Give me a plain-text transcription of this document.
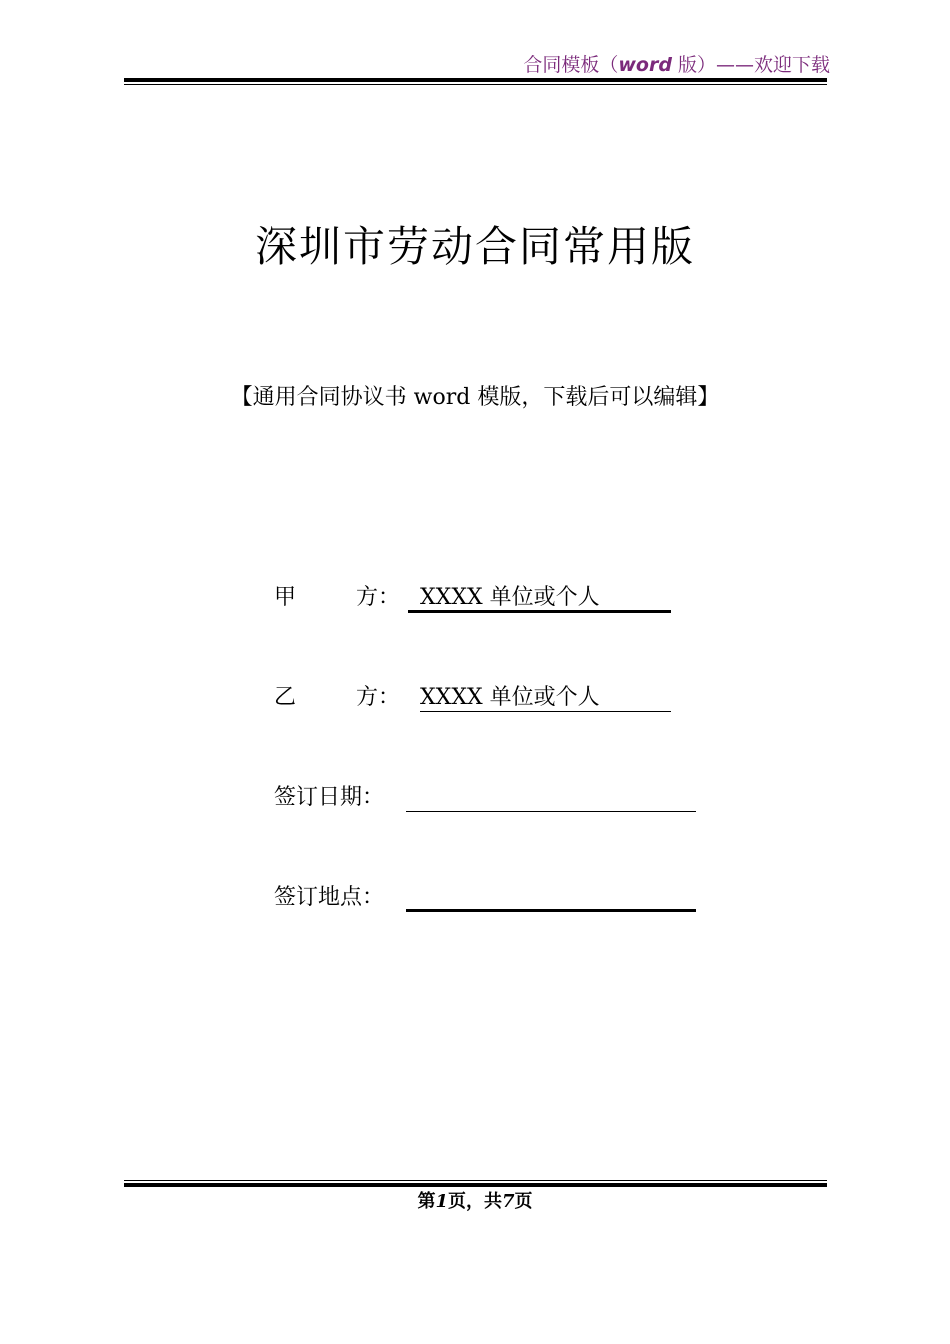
合同模板（word 版）——欢迎下载
深圳市劳动合同常用版
【通用合同协议书 word 模版，下载后可以编辑】
甲	方： XXXX 单位或个人
乙	方： XXXX 单位或个人
签订日期：
签订地点：
第1页，共7页
